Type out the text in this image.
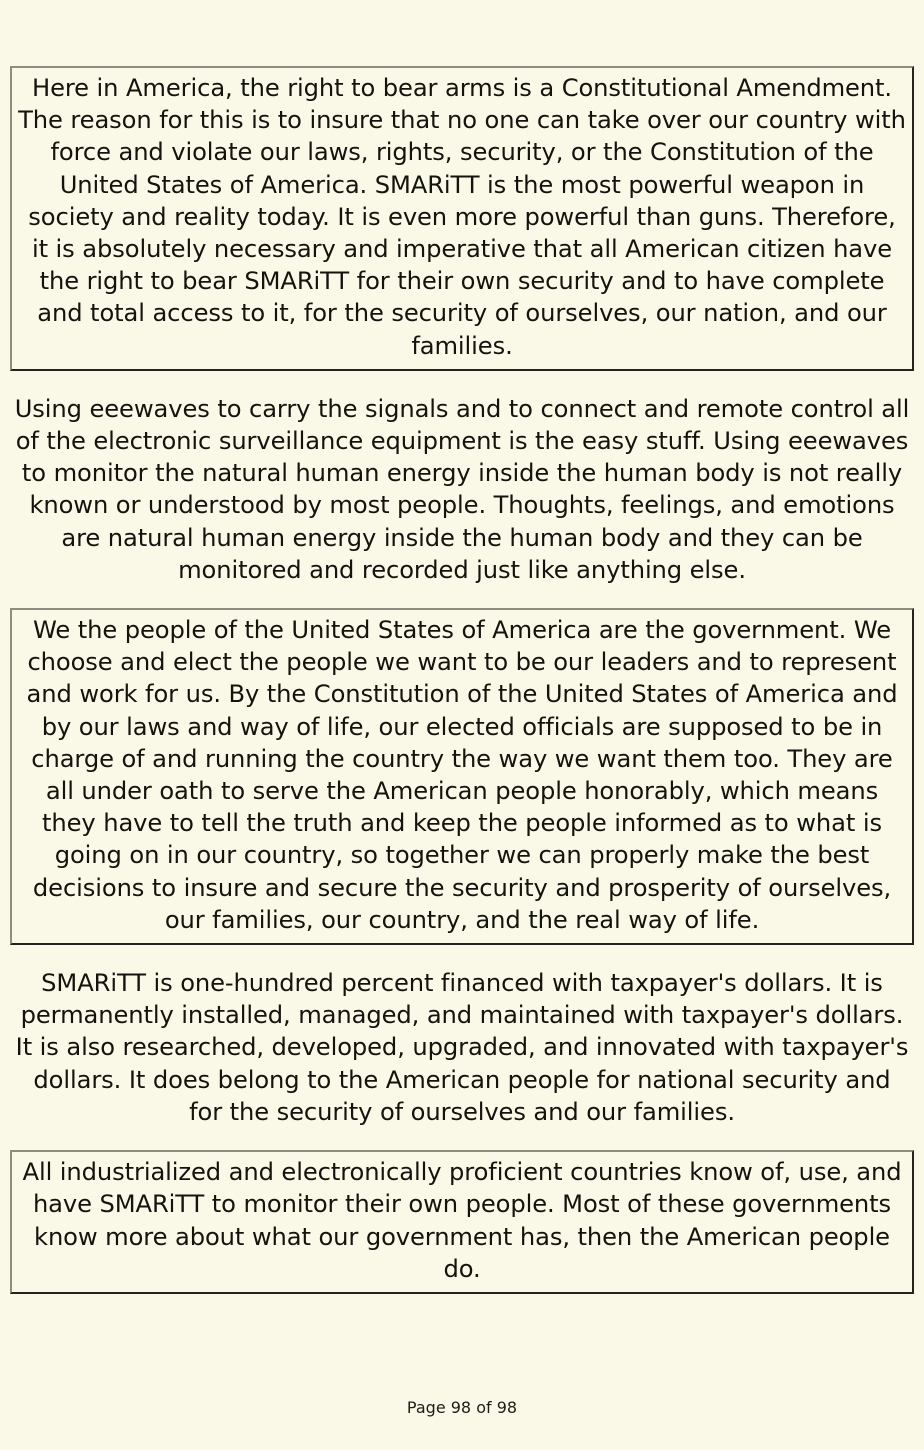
Here in America, the right to bear arms is a Constitutional Amendment. The reason for this is to insure that no one can take over our country with force and violate our laws, rights, security, or the Constitution of the United States of America. SMARiTT is the most powerful weapon in society and reality today. It is even more powerful than guns. Therefore, it is absolutely necessary and imperative that all American citizen have the right to bear SMARiTT for their own security and to have complete and total access to it, for the security of ourselves, our nation, and our families.
Using eeewaves to carry the signals and to connect and remote control all of the electronic surveillance equipment is the easy stuff. Using eeewaves to monitor the natural human energy inside the human body is not really known or understood by most people. Thoughts, feelings, and emotions are natural human energy inside the human body and they can be monitored and recorded just like anything else.
We the people of the United States of America are the government. We choose and elect the people we want to be our leaders and to represent and work for us. By the Constitution of the United States of America and by our laws and way of life, our elected officials are supposed to be in charge of and running the country the way we want them too. They are all under oath to serve the American people honorably, which means they have to tell the truth and keep the people informed as to what is going on in our country, so together we can properly make the best decisions to insure and secure the security and prosperity of ourselves, our families, our country, and the real way of life.
SMARiTT is one-hundred percent financed with taxpayer's dollars. It is permanently installed, managed, and maintained with taxpayer's dollars. It is also researched, developed, upgraded, and innovated with taxpayer's dollars. It does belong to the American people for national security and for the security of ourselves and our families.
All industrialized and electronically proficient countries know of, use, and have SMARiTT to monitor their own people. Most of these governments know more about what our government has, then the American people do.
Page 98 of 98
